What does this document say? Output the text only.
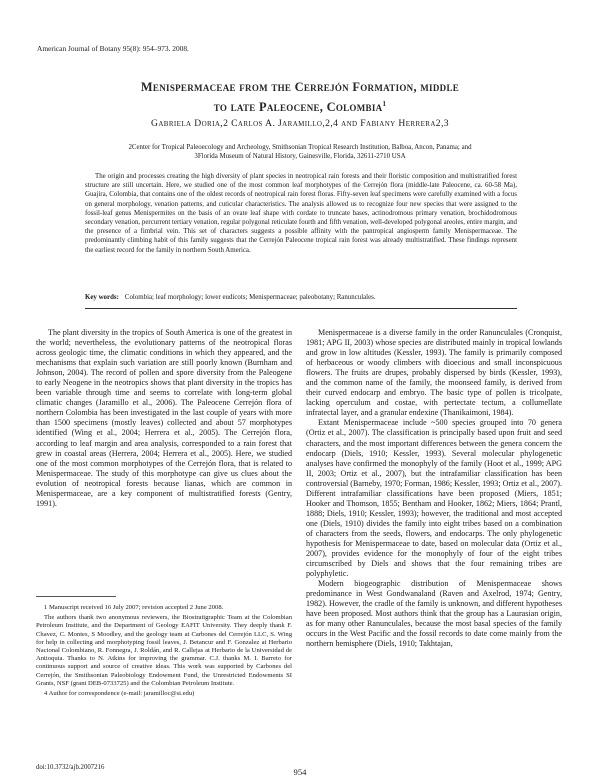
American Journal of Botany 95(8): 954–973. 2008.
Menispermaceae from the Cerrejón Formation, middle
to late Paleocene, Colombia$^1$
Gabriela Doria,2 Carlos A. Jaramillo,2,4 and Fabiany Herrera2,3
2Center for Tropical Paleoecology and Archeology, Smithsonian Tropical Research Institution, Balboa, Ancon, Panama; and
3Florida Museum of Natural History, Gainesville, Florida, 32611-2710 USA
The origin and processes creating the high diversity of plant species in neotropical rain forests and their floristic composition and multistratified forest structure are still uncertain. Here, we studied one of the most common leaf morphotypes of the Cerrejón flora (middle-late Paleocene, ca. 60-58 Ma), Guajira, Colombia, that contains one of the oldest records of neotropical rain forest floras. Fifty-seven leaf specimens were carefully examined with a focus on general morphology, venation patterns, and cuticular characteristics. The analysis allowed us to recognize four new species that were assigned to the fossil-leaf genus Menispermites on the basis of an ovate leaf shape with cordate to truncate bases, actinodromous primary venation, brochidodromous secondary venation, percurrent tertiary venation, regular polygonal reticulate fourth and fifth venation, well-developed polygonal areoles, entire margin, and the presence of a fimbrial vein. This set of characters suggests a possible affinity with the pantropical angiosperm family Menispermaceae. The predominantly climbing habit of this family suggests that the Cerrejón Paleocene tropical rain forest was already multistratified. These findings represent the earliest record for the family in northern South America.
Key words: Colombia; leaf morphology; lower eudicots; Menispermaceae; paleobotany; Ranunculales.

The plant diversity in the tropics of South America is one of the greatest in the world; nevertheless, the evolutionary patterns of the neotropical floras across geologic time, the climatic conditions in which they appeared, and the mechanisms that explain such variation are still poorly known (Burnham and Johnson, 2004). The record of pollen and spore diversity from the Paleogene to early Neogene in the neotropics shows that plant diversity in the tropics has been variable through time and seems to correlate with long-term global climatic changes (Jaramillo et al., 2006). The Paleocene Cerrejón flora of northern Colombia has been investigated in the last couple of years with more than 1500 specimens (mostly leaves) collected and about 57 morphotypes identified (Wing et al., 2004; Herrera et al., 2005). The Cerrejón flora, according to leaf margin and area analysis, corresponded to a rain forest that grew in coastal areas (Herrera, 2004; Herrera et al., 2005). Here, we studied one of the most common morphotypes of the Cerrejón flora, that is related to Menispermaceae. The study of this morphotype can give us clues about the evolution of neotropical forests because lianas, which are common in Menispermaceae, are a key component of multistratified forests (Gentry, 1991).

1 Manuscript received 16 July 2007; revision accepted 2 June 2008.

The authors thank two anonymous reviewers, the Biostratigraphic Team at the Colombian Petroleum Institute, and the Department of Geology EAFIT University. They deeply thank F. Chavez, C. Montes, S Moodley, and the geology team at Carbones del Cerrejón LLC, S. Wing for help in collecting and morphotyping fossil leaves, J. Betancur and F. Gonzalez at Herbario Nacional Colombiano, R. Fonnegra, J. Roldán, and R. Callejas at Herbario de la Universidad de Antioquia. Thanks to N. Atkins for improving the grammar. C.J. thanks M. I. Barreto for continuous support and source of creative ideas. This work was supported by Carbones del Cerrejón, the Smithsonian Paleobiology Endowment Fund, the Unrestricted Endowments SI Grants, NSF (grant DEB-0733725) and the Colombian Petroleum Institute.

4 Author for correspondence (e-mail: jaramilloc@si.edu)

Menispermaceae is a diverse family in the order Ranunculales (Cronquist, 1981; APG II, 2003) whose species are distributed mainly in tropical lowlands and grow in low altitudes (Kessler, 1993). The family is primarily composed of herbaceous or woody climbers with dioecious and small inconspicuous flowers. The fruits are drupes, probably dispersed by birds (Kessler, 1993), and the common name of the family, the moonseed family, is derived from their curved endocarp and embryo. The basic type of pollen is tricolpate, lacking operculum and costae, with pertectate tectum, a collumellate infratectal layer, and a granular endexine (Thanikaimoni, 1984).

Extant Menispermaceae include ~500 species grouped into 70 genera (Ortiz et al., 2007). The classification is principally based upon fruit and seed characters, and the most important differences between the genera concern the endocarp (Diels, 1910; Kessler, 1993). Several molecular phylogenetic analyses have confirmed the monophyly of the family (Hoot et al., 1999; APG II, 2003; Ortiz et al., 2007), but the intrafamiliar classification has been controversial (Barneby, 1970; Forman, 1986; Kessler, 1993; Ortiz et al., 2007). Different intrafamiliar classifications have been proposed (Miers, 1851; Hooker and Thomson, 1855; Bentham and Hooker, 1862; Miers, 1864; Prantl, 1888; Diels, 1910; Kessler, 1993); however, the traditional and most accepted one (Diels, 1910) divides the family into eight tribes based on a combination of characters from the seeds, flowers, and endocarps. The only phylogenetic hypothesis for Menispermaceae to date, based on molecular data (Ortiz et al., 2007), provides evidence for the monophyly of four of the eight tribes circumscribed by Diels and shows that the four remaining tribes are polyphyletic.

Modern biogeographic distribution of Menispermaceae shows predominance in West Gondwanaland (Raven and Axelrod, 1974; Gentry, 1982). However, the cradle of the family is unknown, and different hypotheses have been proposed. Most authors think that the group has a Laurasian origin, as for many other Ranunculales, because the most basal species of the family occurs in the West Pacific and the fossil records to date come mainly from the northern hemisphere (Diels, 1910; Takhtajan,

doi:10.3732/ajb.2007216	954
